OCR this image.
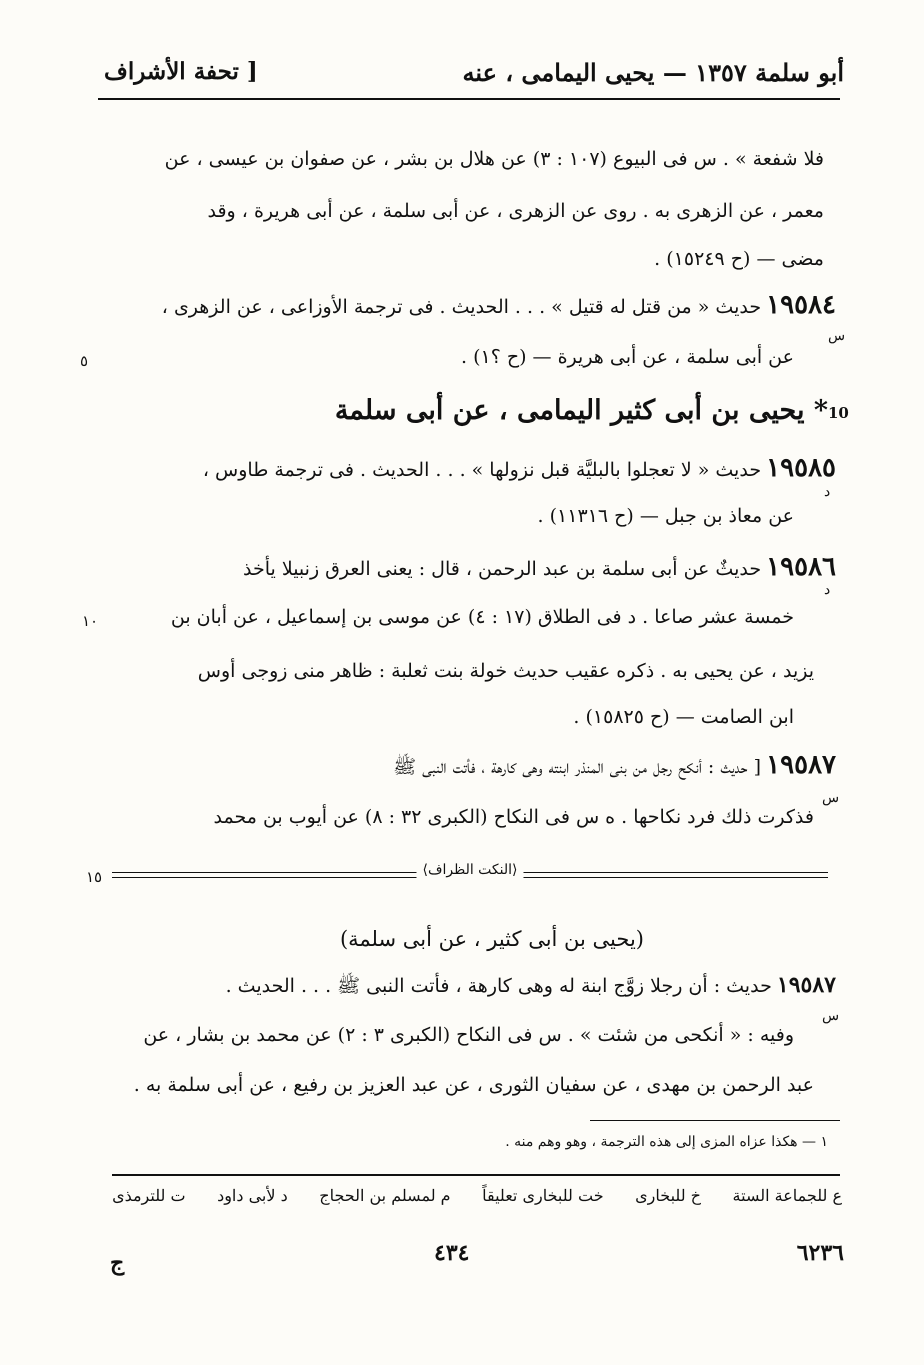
أبو سلمة ١٣٥٧ — يحيى اليمامى ، عنه
[ تحفة الأشراف
فلا شفعة » . س فى البيوع (١٠٧ : ٣) عن هلال بن بشر ، عن صفوان بن عيسى ، عن
معمر ، عن الزهرى به . روى عن الزهرى ، عن أبى سلمة ، عن أبى هريرة ، وقد
مضى — (ح ١٥٢٤٩) .
١٩٥٨٤ حديث « من قتل له قتيل » . . . الحديث . فى ترجمة الأوزاعى ، عن الزهرى ،
س
عن أبى سلمة ، عن أبى هريرة — (ح ؟١) .
٥
* يحيى بن أبى كثير اليمامى ، عن أبى سلمة 10
١٩٥٨٥ حديث « لا تعجلوا بالبليَّة قبل نزولها » . . . الحديث . فى ترجمة طاوس ،
د
عن معاذ بن جبل — (ح ١١٣١٦) .
١٩٥٨٦ حديثٌ عن أبى سلمة بن عبد الرحمن ، قال : يعنى العرق زنبيلا يأخذ
د
خمسة عشر صاعا . د فى الطلاق (١٧ : ٤) عن موسى بن إسماعيل ، عن أبان بن
١٠
يزيد ، عن يحيى به . ذكره عقيب حديث خولة بنت ثعلبة : ظاهر منى زوجى أوس
ابن الصامت — (ح ١٥٨٢٥) .
١٩٥٨٧ [ حديث : أنكح رجل من بنى المنذر ابنته وهى كارهة ، فأتت النبى ﷺ
س
فذكرت ذلك فرد نكاحها . ه س فى النكاح (الكبرى ٣٢ : ٨) عن أيوب بن محمد
١٥	⟨النكت الظراف⟩
(يحيى بن أبى كثير ، عن أبى سلمة)
١٩٥٨٧ حديث : أن رجلا زوَّج ابنة له وهى كارهة ، فأتت النبى ﷺ . . . الحديث .
س
وفيه : « أنكحى من شئت » . س فى النكاح (الكبرى ٣ : ٢) عن محمد بن بشار ، عن
عبد الرحمن بن مهدى ، عن سفيان الثورى ، عن عبد العزيز بن رفيع ، عن أبى سلمة به .
١ — هكذا عزاه المزى إلى هذه الترجمة ، وهو وهم منه .
ع للجماعة الستة
خ للبخارى
خت للبخارى تعليقاً
م لمسلم بن الحجاج
د لأبى داود
ت للترمذى
٦٢٣٦
٤٣٤
ج
